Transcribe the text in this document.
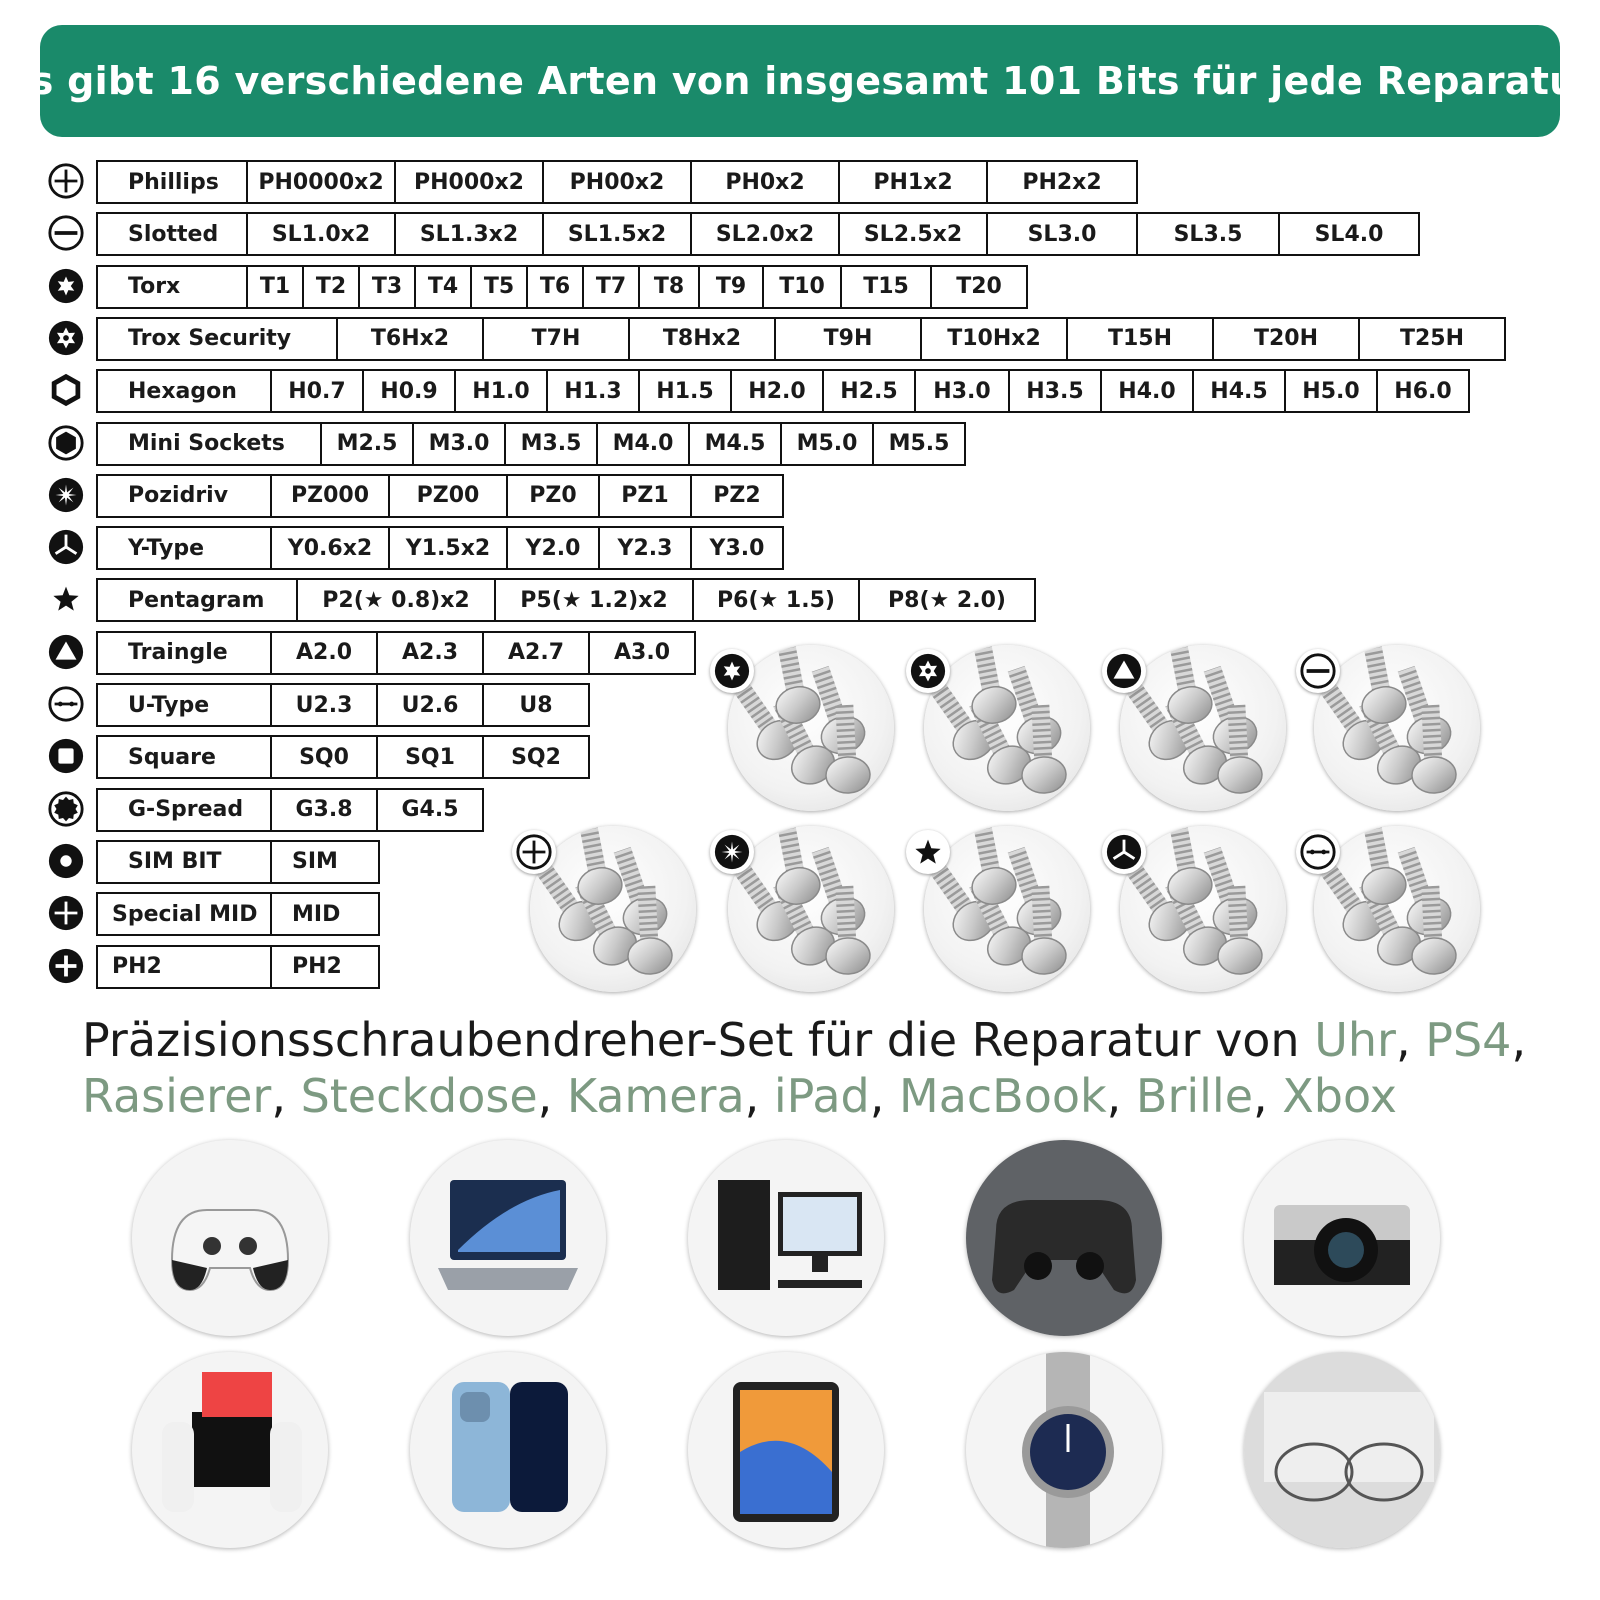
Es gibt 16 verschiedene Arten von insgesamt 101 Bits für jede Reparatur
Phillips	PH0000x2	PH000x2	PH00x2	PH0x2	PH1x2	PH2x2
Slotted	SL1.0x2	SL1.3x2	SL1.5x2	SL2.0x2	SL2.5x2	SL3.0	SL3.5	SL4.0
Torx	T1	T2	T3	T4	T5	T6	T7	T8	T9	T10	T15	T20
Trox Security	T6Hx2	T7H	T8Hx2	T9H	T10Hx2	T15H	T20H	T25H
Hexagon	H0.7	H0.9	H1.0	H1.3	H1.5	H2.0	H2.5	H3.0	H3.5	H4.0	H4.5	H5.0	H6.0
Mini Sockets	M2.5	M3.0	M3.5	M4.0	M4.5	M5.0	M5.5
Pozidriv	PZ000	PZ00	PZ0	PZ1	PZ2
Y-Type	Y0.6x2	Y1.5x2	Y2.0	Y2.3	Y3.0
Pentagram	P2(★ 0.8)x2	P5(★ 1.2)x2	P6(★ 1.5)	P8(★ 2.0)
Traingle	A2.0	A2.3	A2.7	A3.0
U-Type	U2.3	U2.6	U8
Square	SQ0	SQ1	SQ2
G-Spread	G3.8	G4.5
SIM BIT	SIM
Special MID	MID
PH2	PH2
Präzisionsschraubendreher-Set für die Reparatur von Uhr, PS4,
Rasierer, Steckdose, Kamera, iPad, MacBook, Brille, Xbox
